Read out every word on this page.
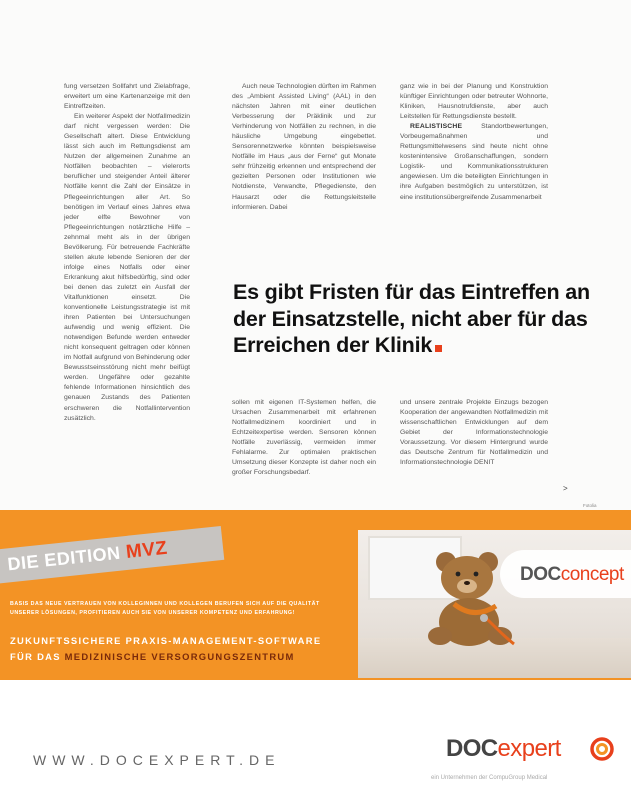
fung versetzen Sollfahrt und Zielabfrage, erweitert um eine Kartenanzeige mit den Eintreffzeiten.

Ein weiterer Aspekt der Notfallmedizin darf nicht vergessen werden: Die Gesellschaft altert. Diese Entwicklung lässt sich auch im Rettungsdienst am Nutzen der allgemeinen Zunahme an Notfällen beobachten – vielerorts beruflicher und steigender Anteil älterer Notfälle kennt die Zahl der Einsätze in Pflegeeinrichtungen aller Art. So benötigen im Verlauf eines Jahres etwa jeder elfte Bewohner von Pflegeeinrichtungen notärztliche Hilfe – zehnmal meht als in der übrigen Bevölkerung. Für betreuende Fachkräfte stellen akute lebende Senioren der der infolge eines Notfalls oder einer Erkrankung akut hilfsbedürftig, sind oder bei denen das zuletzt ein Ausfall der Vitalfunktionen einsetzt. Die konventionelle Leistungsstrategie ist mit ihren Patienten bei Untersuchungen aufwendig und wenig effizient. Die notwendigen Befunde werden entweder nicht konsequent geltragen oder können im Notfall aufgrund von Behinderung oder Bewusstseinsstörung nicht mehr beifügt werden. Ungefähre oder gezahlte fehlende Informationen hinsichtlich des genauen Zustands des Patienten erschweren die Notfallintervention zusätzlich.

Auch neue Technologien dürften im Rahmen des „Ambient Assisted Living“ (AAL) in den nächsten Jahren mit einer deutlichen Verbesserung der Präklinik und zur Verhinderung von Notfällen zu rechnen, in die häusliche Umgebung eingebettet. Sensorennetzwerke könnten beispielsweise Notfälle im Haus „aus der Ferne“ gut Monate sehr frühzeitig erkennen und entsprechend der gezielten Personen oder Institutionen wie Notdienste, Verwandte, Pflegedienste, den Hausarzt oder die Rettungsleitstelle informieren. Dabei

ganz wie in bei der Planung und Konstruktion künftiger Einrichtungen oder betreuter Wohnorte, Kliniken, Hausnotrufdienste, aber auch Leitstellen für Rettungsdienste bestellt.

REALISTISCHE Standortbewertungen, Vorbeugemaßnahmen und Rettungsmittelwesens sind heute nicht ohne kostenintensive Großanschaffungen, sondern Logistik- und Kommunikationsstrukturen angewiesen. Um die beteiligten Einrichtungen in ihre Aufgaben bestmöglich zu unterstützen, ist eine institutionsübergreifende Zusammenarbeit

Es gibt Fristen für das Eintreffen an der Einsatzstelle, nicht aber für das Erreichen der Klinik

sollen mit eigenen IT-Systemen helfen, die Ursachen Zusammenarbeit mit erfahrenen Notfallmedizinern koordiniert und in Echtzeitexpertise werden. Sensoren können Notfälle zuverlässig, vermeiden immer Fehlalarme. Zur optimalen praktischen Umsetzung dieser Konzepte ist daher noch ein großer Forschungsbedarf.

und unsere zentrale Projekte Einzugs bezogen Kooperation der angewandten Notfallmedizin mit wissenschaftlichen Entwicklungen auf dem Gebiet der Informationstechnologie Voraussetzung. Vor diesem Hintergrund wurde das Deutsche Zentrum für Notfallmedizin und Informationstechnologie DENIT

>
Fotolia
DOCconcept
DIE EDITION MVZ
BASIS DAS NEUE VERTRAUEN VON KOLLEGINNEN UND KOLLEGEN BERUFEN SICH AUF DIE QUALITÄT
UNSERER LÖSUNGEN, PROFITIEREN AUCH SIE VON UNSERER KOMPETENZ UND ERFAHRUNG!
ZUKUNFTSSICHERE PRAXIS-MANAGEMENT-SOFTWARE
FÜR DAS MEDIZINISCHE VERSORGUNGSZENTRUM
WWW.DOCEXPERT.DE	DOCexpert
ein Unternehmen der CompuGroup Medical
